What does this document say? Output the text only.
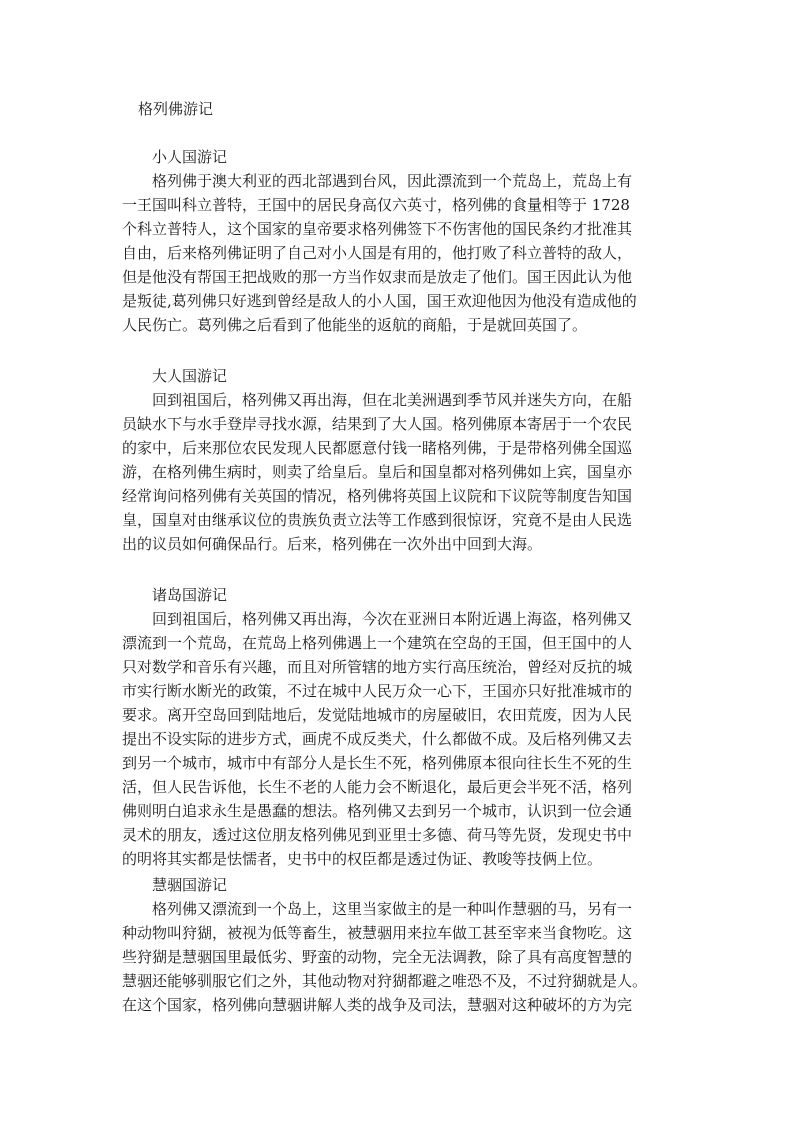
格列佛游记
小人国游记

格列佛于澳大利亚的西北部遇到台风，因此漂流到一个荒岛上，荒岛上有

一王国叫科立普特，王国中的居民身高仅六英寸，格列佛的食量相等于 1728

个科立普特人，这个国家的皇帝要求格列佛签下不伤害他的国民条约才批准其

自由，后来格列佛证明了自己对小人国是有用的，他打败了科立普特的敌人，

但是他没有帮国王把战败的那一方当作奴隶而是放走了他们。国王因此认为他

是叛徒,葛列佛只好逃到曾经是敌人的小人国，国王欢迎他因为他没有造成他的

人民伤亡。葛列佛之后看到了他能坐的返航的商船，于是就回英国了。

大人国游记

回到祖国后，格列佛又再出海，但在北美洲遇到季节风并迷失方向，在船

员缺水下与水手登岸寻找水源，结果到了大人国。格列佛原本寄居于一个农民

的家中，后来那位农民发现人民都愿意付钱一睹格列佛，于是带格列佛全国巡

游，在格列佛生病时，则卖了给皇后。皇后和国皇都对格列佛如上宾，国皇亦

经常询问格列佛有关英国的情况，格列佛将英国上议院和下议院等制度告知国

皇，国皇对由继承议位的贵族负责立法等工作感到很惊讶，究竟不是由人民选

出的议员如何确保品行。后来，格列佛在一次外出中回到大海。

诸岛国游记

回到祖国后，格列佛又再出海，今次在亚洲日本附近遇上海盗，格列佛又

漂流到一个荒岛，在荒岛上格列佛遇上一个建筑在空岛的王国，但王国中的人

只对数学和音乐有兴趣，而且对所管辖的地方实行高压统治，曾经对反抗的城

市实行断水断光的政策，不过在城中人民万众一心下，王国亦只好批准城市的

要求。离开空岛回到陆地后，发觉陆地城市的房屋破旧，农田荒废，因为人民

提出不设实际的进步方式，画虎不成反类犬，什么都做不成。及后格列佛又去

到另一个城市，城市中有部分人是长生不死，格列佛原本很向往长生不死的生

活，但人民告诉他，长生不老的人能力会不断退化，最后更会半死不活，格列

佛则明白追求永生是愚蠢的想法。格列佛又去到另一个城市，认识到一位会通

灵术的朋友，透过这位朋友格列佛见到亚里士多德、荷马等先贤，发现史书中

的明将其实都是怯懦者，史书中的权臣都是透过伪证、教唆等技俩上位。

慧骃国游记

格列佛又漂流到一个岛上，这里当家做主的是一种叫作慧骃的马，另有一

种动物叫狩猢，被视为低等畜生，被慧骃用来拉车做工甚至宰来当食物吃。这

些狩猢是慧骃国里最低劣、野蛮的动物，完全无法调教，除了具有高度智慧的

慧骃还能够驯服它们之外，其他动物对狩猢都避之唯恐不及，不过狩猢就是人。

在这个国家，格列佛向慧骃讲解人类的战争及司法，慧骃对这种破坏的方为完
